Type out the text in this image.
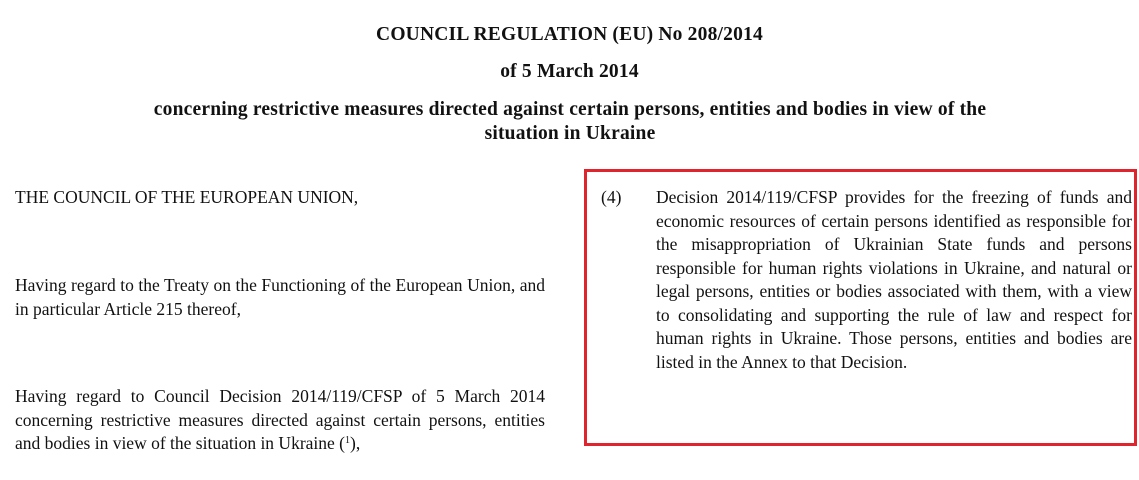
COUNCIL REGULATION (EU) No 208/2014
of 5 March 2014
concerning restrictive measures directed against certain persons, entities and bodies in view of the situation in Ukraine
THE COUNCIL OF THE EUROPEAN UNION,
Having regard to the Treaty on the Functioning of the European Union, and in particular Article 215 thereof,
Having regard to Council Decision 2014/119/CFSP of 5 March 2014 concerning restrictive measures directed against certain persons, entities and bodies in view of the situation in Ukraine ($^1$),
(4) Decision 2014/119/CFSP provides for the freezing of funds and economic resources of certain persons identified as responsible for the misappropriation of Ukrainian State funds and persons responsible for human rights violations in Ukraine, and natural or legal persons, entities or bodies associated with them, with a view to consolidating and supporting the rule of law and respect for human rights in Ukraine. Those persons, entities and bodies are listed in the Annex to that Decision.
